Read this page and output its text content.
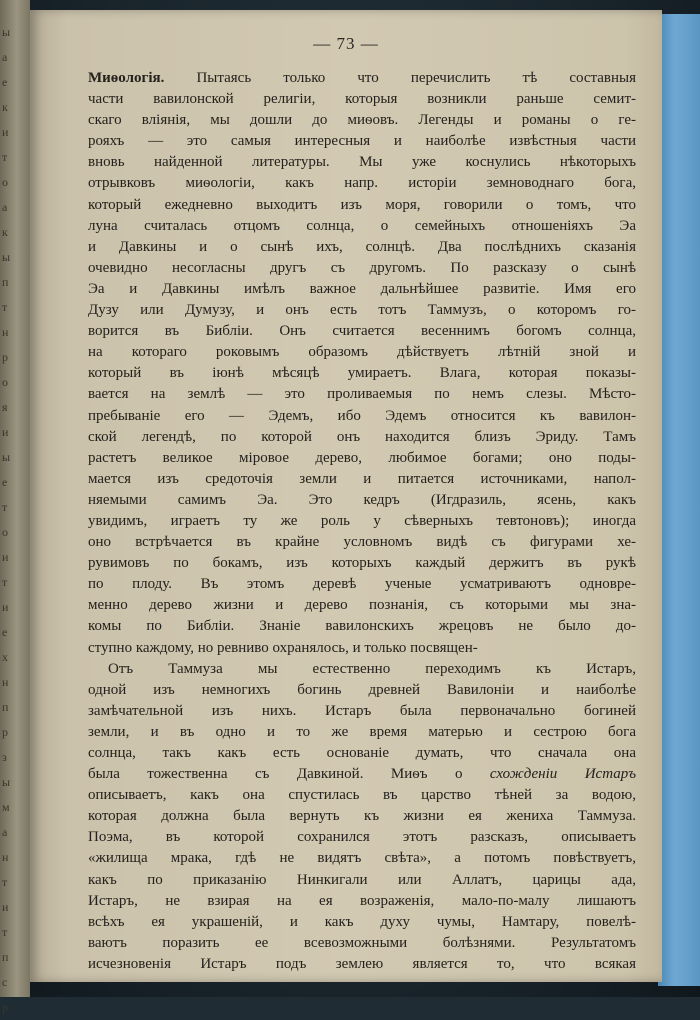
ы
а
е
к
и
т
о
а
к
ы
п
т
н
р
о
я
и
ы
е
т
о
и
т
и
е
х
н
п
р
з
ы
м
а
н
т
и
т
п
с
р
— 73 —
Миѳологія. Пытаясь только что перечислить тѣ составныя
части вавилонской религіи, которыя возникли раньше семит-
скаго вліянія, мы дошли до миѳовъ. Легенды и романы о ге-
рояхъ — это самыя интересныя и наиболѣе извѣстныя части
вновь найденной литературы. Мы уже коснулись нѣкоторыхъ
отрывковъ миѳологіи, какъ напр. исторіи земноводнаго бога,
который ежедневно выходитъ изъ моря, говорили о томъ, что
луна считалась отцомъ солнца, о семейныхъ отношеніяхъ Эа
и Давкины и о сынѣ ихъ, солнцѣ. Два послѣднихъ сказанія
очевидно несогласны другъ съ другомъ. По разсказу о сынѣ
Эа и Давкины имѣлъ важное дальнѣйшее развитіе. Имя его
Дузу или Думузу, и онъ есть тотъ Таммузъ, о которомъ го-
ворится въ Библіи. Онъ считается весеннимъ богомъ солнца,
на котораго роковымъ образомъ дѣйствуетъ лѣтній зной и
который въ іюнѣ мѣсяцѣ умираетъ. Влага, которая показы-
вается на землѣ — это проливаемыя по немъ слезы. Мѣсто-
пребываніе его — Эдемъ, ибо Эдемъ относится къ вавилон-
ской легендѣ, по которой онъ находится близъ Эриду. Тамъ
растетъ великое міровое дерево, любимое богами; оно поды-
мается изъ средоточія земли и питается источниками, напол-
няемыми самимъ Эа. Это кедръ (Игдразиль, ясень, какъ
увидимъ, играетъ ту же роль у сѣверныхъ тевтоновъ); иногда
оно встрѣчается въ крайне условномъ видѣ съ фигурами хе-
рувимовъ по бокамъ, изъ которыхъ каждый держитъ въ рукѣ
по плоду. Въ этомъ деревѣ ученые усматриваютъ одновре-
менно дерево жизни и дерево познанія, съ которыми мы зна-
комы по Библіи. Знаніе вавилонскихъ жрецовъ не было до-
ступно каждому, но ревниво охранялось, и только посвящен-
Отъ Таммуза мы естественно переходимъ къ Истаръ,
одной изъ немногихъ богинь древней Вавилоніи и наиболѣе
замѣчательной изъ нихъ. Истаръ была первоначально богиней
земли, и въ одно и то же время матерью и сестрою бога
солнца, такъ какъ есть основаніе думать, что сначала она
была тожественна съ Давкиной. Миѳъ о схожденіи Истаръ
описываетъ, какъ она спустилась въ царство тѣней за водою,
которая должна была вернуть къ жизни ея жениха Таммуза.
Поэма, въ которой сохранился этотъ разсказъ, описываетъ
«жилища мрака, гдѣ не видятъ свѣта», а потомъ повѣствуетъ,
какъ по приказанію Нинкигали или Аллатъ, царицы ада,
Истаръ, не взирая на ея возраженія, мало-по-малу лишаютъ
всѣхъ ея украшеній, и какъ духу чумы, Намтару, повелѣ-
ваютъ поразить ее всевозможными болѣзнями. Результатомъ
исчезновенія Истаръ подъ землею является то, что всякая
